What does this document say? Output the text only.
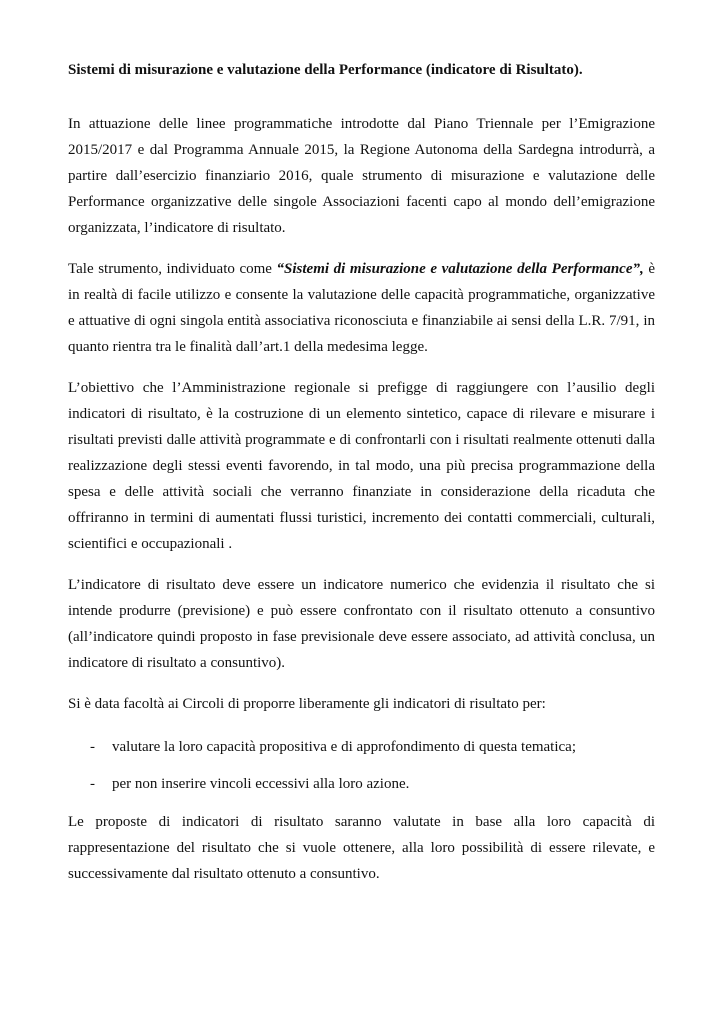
Sistemi di misurazione e valutazione della Performance (indicatore di Risultato).

In attuazione delle linee programmatiche introdotte dal Piano Triennale per l’Emigrazione 2015/2017 e dal Programma Annuale 2015, la Regione Autonoma della Sardegna introdurrà, a partire dall’esercizio finanziario 2016, quale strumento di misurazione e valutazione delle Performance organizzative delle singole Associazioni facenti capo al mondo dell’emigrazione organizzata, l’indicatore di risultato.

Tale strumento, individuato come “Sistemi di misurazione e valutazione della Performance”, è in realtà di facile utilizzo e consente la valutazione delle capacità programmatiche, organizzative e attuative di ogni singola entità associativa riconosciuta e finanziabile ai sensi della L.R. 7/91, in quanto rientra tra le finalità dall’art.1 della medesima legge.

L’obiettivo che l’Amministrazione regionale si prefigge di raggiungere con l’ausilio degli indicatori di risultato, è la costruzione di un elemento sintetico, capace di rilevare e misurare i risultati previsti dalle attività programmate e di confrontarli con i risultati realmente ottenuti dalla realizzazione degli stessi eventi favorendo, in tal modo, una più precisa programmazione della spesa e delle attività sociali che verranno finanziate in considerazione della ricaduta che offriranno in termini di aumentati flussi turistici, incremento dei contatti commerciali, culturali, scientifici e occupazionali .

L’indicatore di risultato deve essere un indicatore numerico che evidenzia il risultato che si intende produrre (previsione) e può essere confrontato con il risultato ottenuto a consuntivo (all’indicatore quindi proposto in fase previsionale deve essere associato, ad attività conclusa, un indicatore di risultato a consuntivo).

Si è data facoltà ai Circoli di proporre liberamente gli indicatori di risultato per:

- valutare la loro capacità propositiva e di approfondimento di questa tematica;
- per non inserire vincoli eccessivi alla loro azione.

Le proposte di indicatori di risultato saranno valutate in base alla loro capacità di rappresentazione del risultato che si vuole ottenere, alla loro possibilità di essere rilevate, e successivamente dal risultato ottenuto a consuntivo.
